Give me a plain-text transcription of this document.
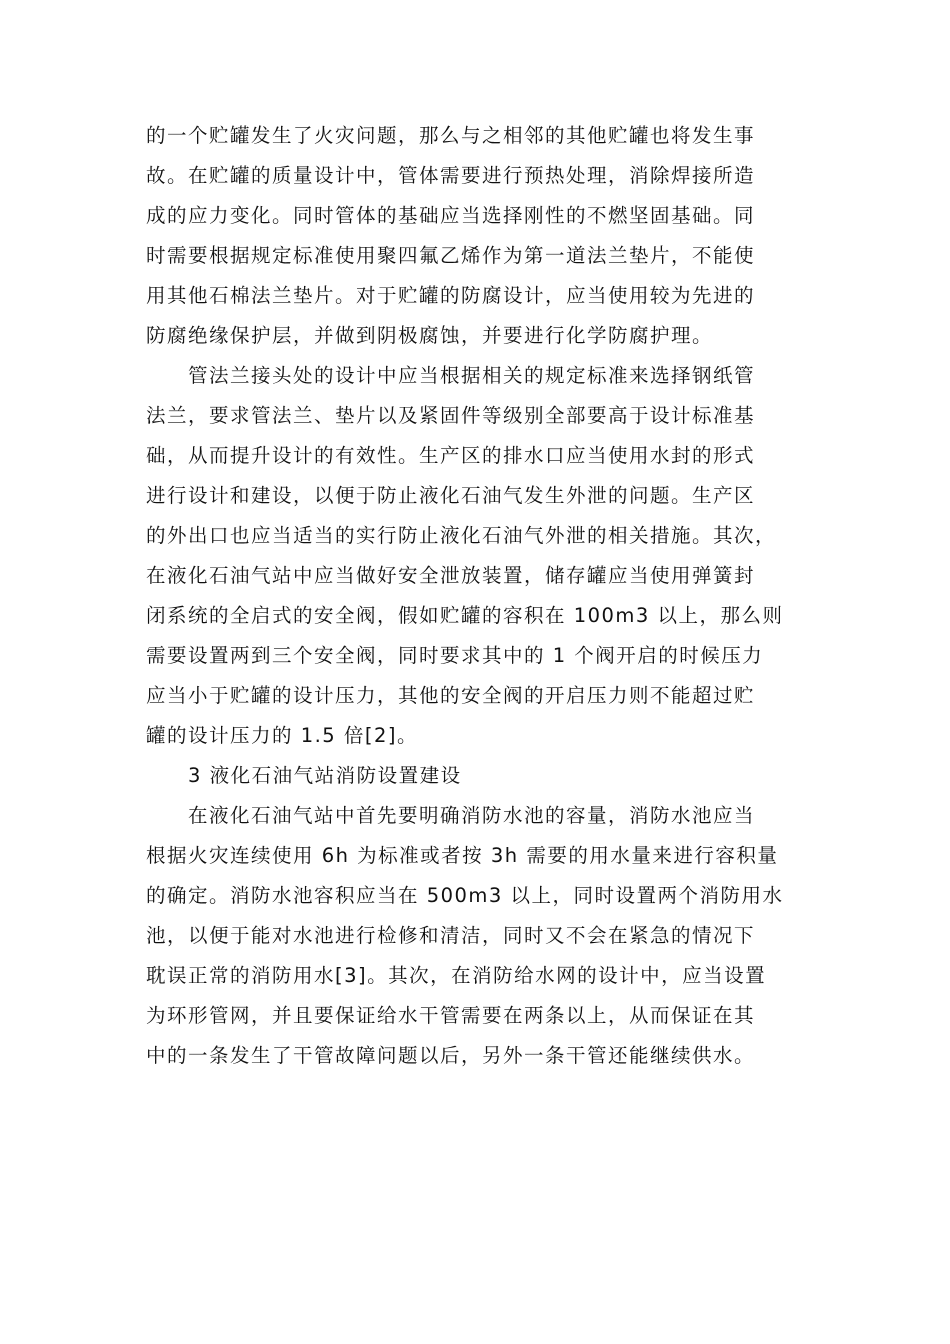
的一个贮罐发生了火灾问题，那么与之相邻的其他贮罐也将发生事
故。在贮罐的质量设计中，管体需要进行预热处理，消除焊接所造
成的应力变化。同时管体的基础应当选择刚性的不燃坚固基础。同
时需要根据规定标准使用聚四氟乙烯作为第一道法兰垫片，不能使
用其他石棉法兰垫片。对于贮罐的防腐设计，应当使用较为先进的
防腐绝缘保护层，并做到阴极腐蚀，并要进行化学防腐护理。
管法兰接头处的设计中应当根据相关的规定标准来选择钢纸管
法兰，要求管法兰、垫片以及紧固件等级别全部要高于设计标准基
础，从而提升设计的有效性。生产区的排水口应当使用水封的形式
进行设计和建设，以便于防止液化石油气发生外泄的问题。生产区
的外出口也应当适当的实行防止液化石油气外泄的相关措施。其次，
在液化石油气站中应当做好安全泄放装置，储存罐应当使用弹簧封
闭系统的全启式的安全阀，假如贮罐的容积在 100m3 以上，那么则
需要设置两到三个安全阀，同时要求其中的 1 个阀开启的时候压力
应当小于贮罐的设计压力，其他的安全阀的开启压力则不能超过贮
罐的设计压力的 1.5 倍[2]。
3 液化石油气站消防设置建设
在液化石油气站中首先要明确消防水池的容量，消防水池应当
根据火灾连续使用 6h 为标准或者按 3h 需要的用水量来进行容积量
的确定。消防水池容积应当在 500m3 以上，同时设置两个消防用水
池，以便于能对水池进行检修和清洁，同时又不会在紧急的情况下
耽误正常的消防用水[3]。其次，在消防给水网的设计中，应当设置
为环形管网，并且要保证给水干管需要在两条以上，从而保证在其
中的一条发生了干管故障问题以后，另外一条干管还能继续供水。
